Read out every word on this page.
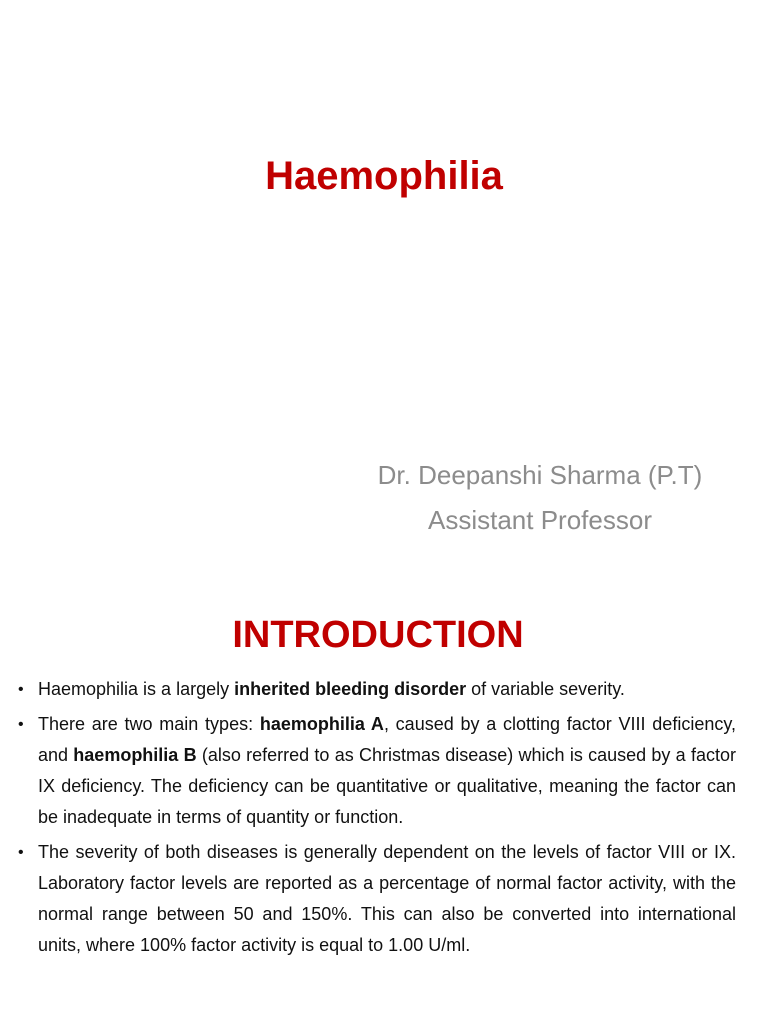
Haemophilia
Dr. Deepanshi Sharma (P.T)
Assistant Professor
INTRODUCTION
• Haemophilia is a largely inherited bleeding disorder of variable severity.
• There are two main types: haemophilia A, caused by a clotting factor VIII deficiency, and haemophilia B (also referred to as Christmas disease) which is caused by a factor IX deficiency. The deficiency can be quantitative or qualitative, meaning the factor can be inadequate in terms of quantity or function.
• The severity of both diseases is generally dependent on the levels of factor VIII or IX. Laboratory factor levels are reported as a percentage of normal factor activity, with the normal range between 50 and 150%. This can also be converted into international units, where 100% factor activity is equal to 1.00 U/ml.
